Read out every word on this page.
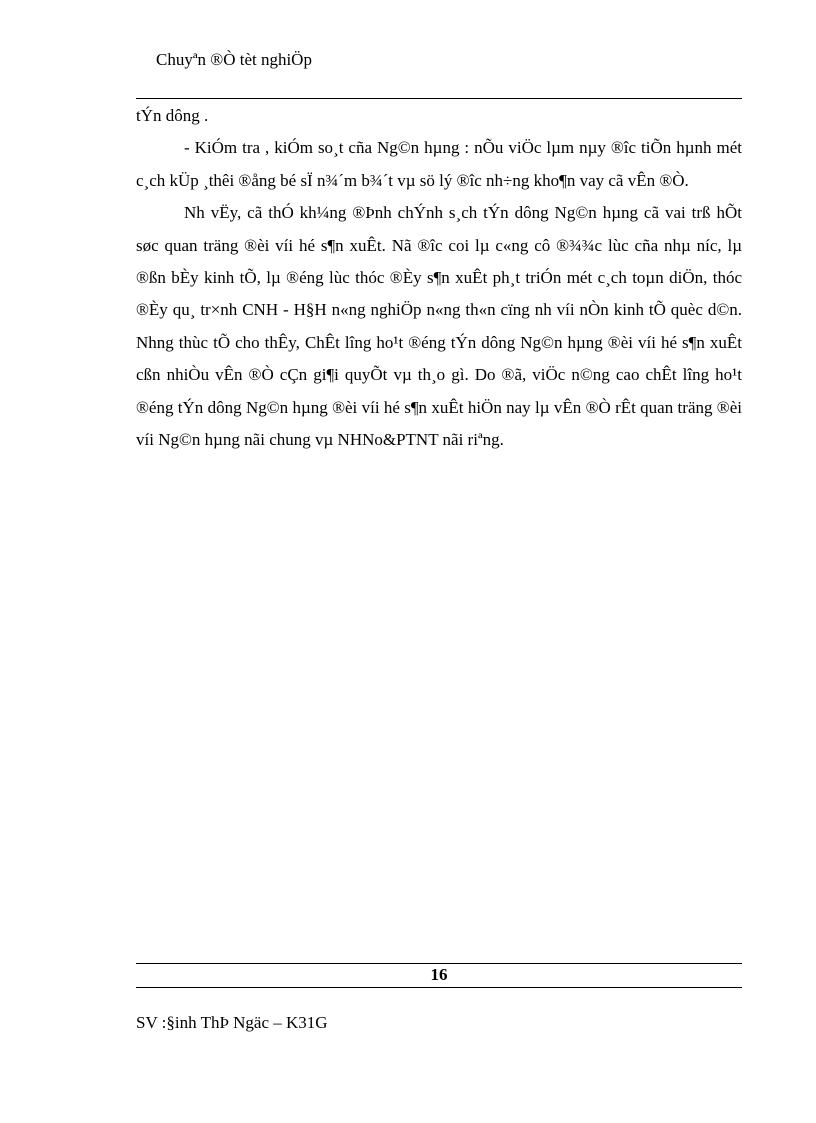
Chuyªn ®Ò tèt nghiÖp

tÝn dông .

- KiÓm tra , kiÓm so¸t cña Ng©n hµng : nÕu viÖc lµm nµy ®îc tiÕn hµnh mét c¸ch kÜp ¸thêi ®ång bé sÏ n¾´m b¾´t vµ sö lý ®îc nh÷ng kho¶n vay cã vÊn ®Ò.

Nh vËy, cã thÓ kh¼ng ®Þnh chÝnh s¸ch tÝn dông Ng©n hµng cã vai trß hÕt søc quan träng ®èi víi hé s¶n xuÊt. Nã ®îc coi lµ c«ng cô ®¾¾c lùc cña nhµ níc, lµ ®ßn bÈy kinh tÕ, lµ ®éng lùc thóc ®Èy s¶n xuÊt ph¸t triÓn mét c¸ch toµn diÖn, thóc ®Èy qu¸ tr×nh CNH - H§H n«ng nghiÖp n«ng th«n cïng nh víi nÒn kinh tÕ quèc d©n. Nhng thùc tÕ cho thÊy, ChÊt lîng ho¹t ®éng tÝn dông Ng©n hµng ®èi víi hé s¶n xuÊt cßn nhiÒu vÊn ®Ò cÇn gi¶i quyÕt vµ th¸o gì. Do ®ã, viÖc n©ng cao chÊt lîng ho¹t ®éng tÝn dông Ng©n hµng ®èi víi hé s¶n xuÊt hiÖn nay lµ vÊn ®Ò rÊt quan träng ®èi víi Ng©n hµng nãi chung vµ NHNo&PTNT nãi riªng.

16
SV :§inh ThÞ Ngäc – K31G
